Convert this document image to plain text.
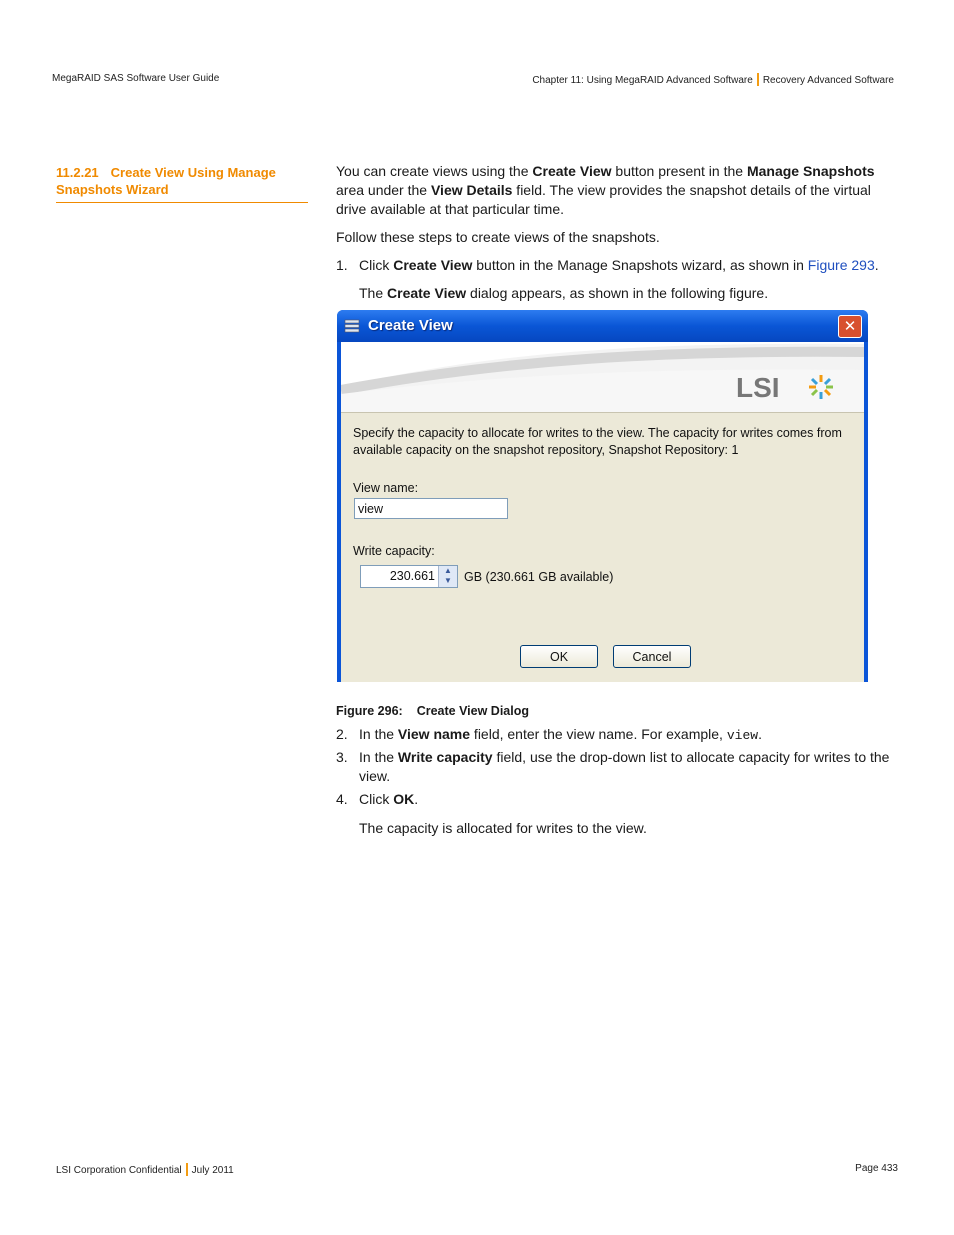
MegaRAID SAS Software User Guide	Chapter 11: Using MegaRAID Advanced Software Recovery Advanced Software
11.2.21 Create View Using Manage Snapshots Wizard
You can create views using the Create View button present in the Manage Snapshots area under the View Details field. The view provides the snapshot details of the virtual drive available at that particular time.
Follow these steps to create views of the snapshots.
1. Click Create View button in the Manage Snapshots wizard, as shown in Figure 293.
The Create View dialog appears, as shown in the following figure.
Create View	✕
LSI
Specify the capacity to allocate for writes to the view. The capacity for writes comes from available capacity on the snapshot repository, Snapshot Repository: 1
View name:
view
Write capacity:
230.661	▲
▼ GB (230.661 GB available)
OK	Cancel
Figure 296: Create View Dialog
2. In the View name field, enter the view name. For example, view.
3. In the Write capacity field, use the drop-down list to allocate capacity for writes to the view.
4. Click OK.
The capacity is allocated for writes to the view.
LSI Corporation Confidential July 2011	Page 433
